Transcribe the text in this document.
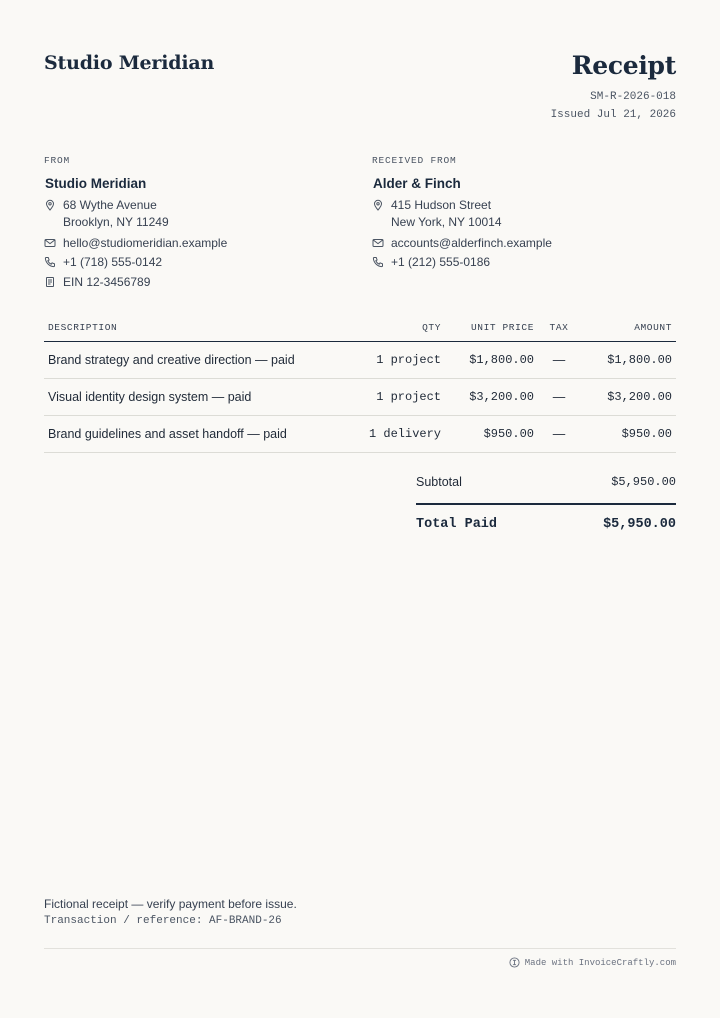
Studio Meridian	Receipt
SM-R-2026-018
Issued Jul 21, 2026
FROM
Studio Meridian
68 Wythe Avenue
Brooklyn, NY 11249
hello@studiomeridian.example
+1 (718) 555-0142
EIN 12-3456789
RECEIVED FROM
Alder & Finch
415 Hudson Street
New York, NY 10014
accounts@alderfinch.example
+1 (212) 555-0186
DESCRIPTION	QTY	UNIT PRICE	TAX	AMOUNT
Brand strategy and creative direction — paid	1 project	$1,800.00	—	$1,800.00
Visual identity design system — paid	1 project	$3,200.00	—	$3,200.00
Brand guidelines and asset handoff — paid	1 delivery	$950.00	—	$950.00
Subtotal	$5,950.00
Total Paid	$5,950.00
Fictional receipt — verify payment before issue.
Transaction / reference: AF-BRAND-26
Made with InvoiceCraftly.com
